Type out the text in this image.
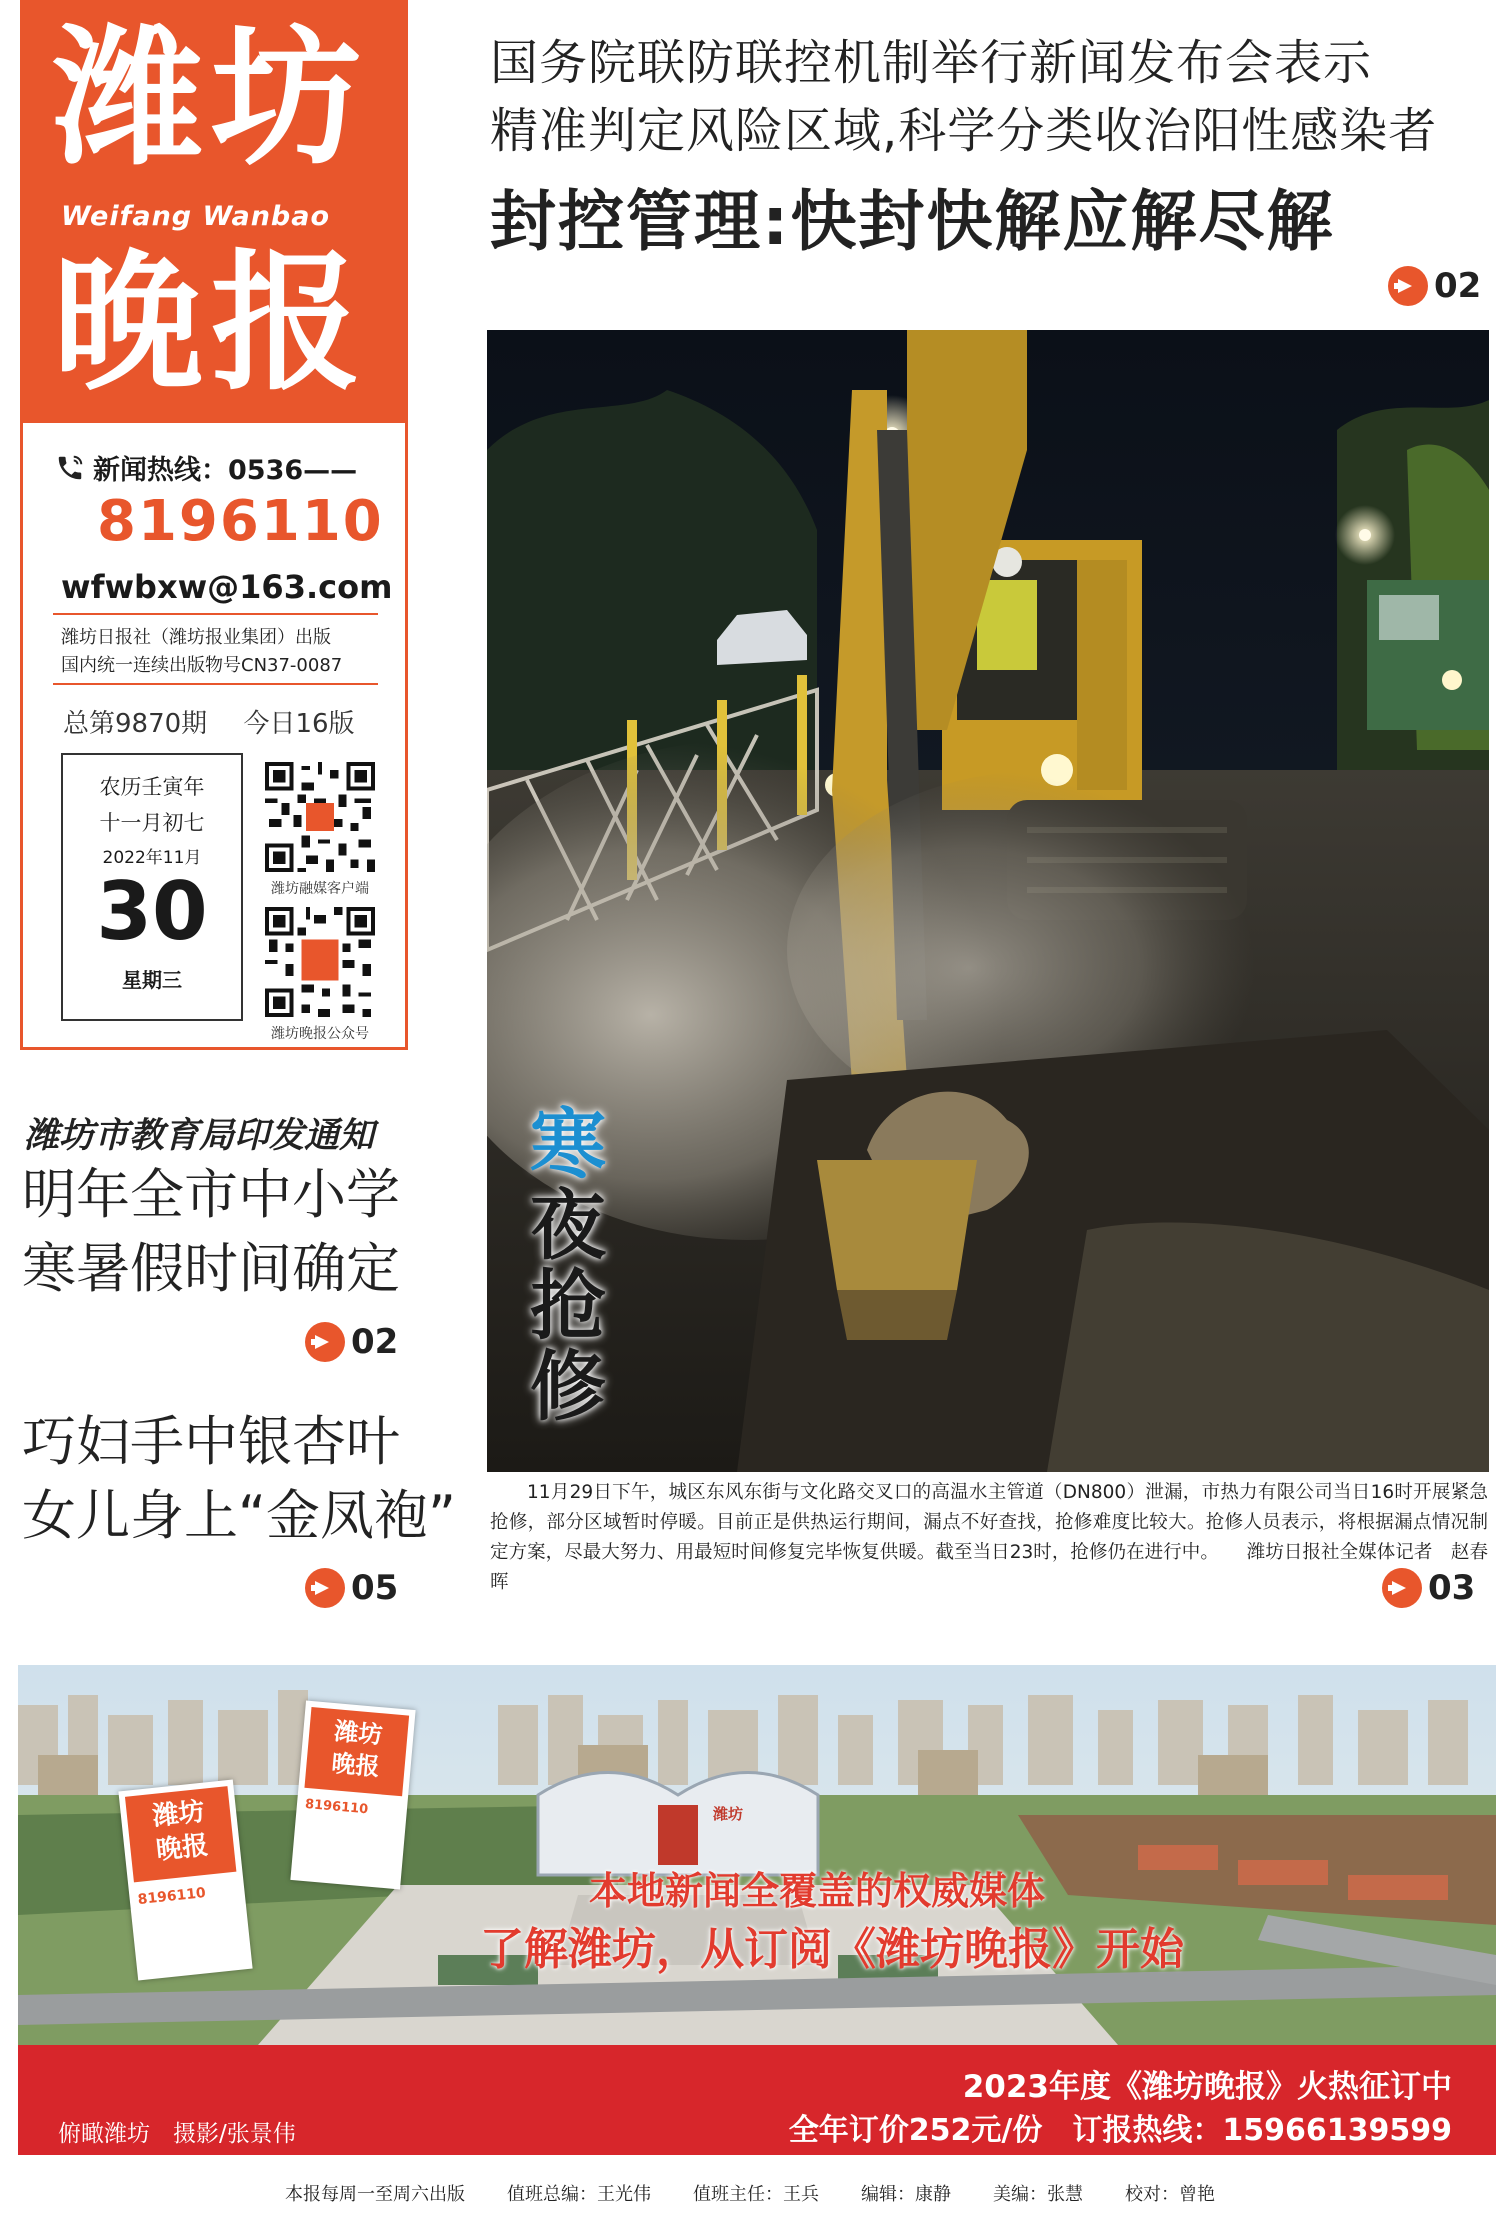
潍坊
Weifang Wanbao
晚报
新闻热线：0536——
8196110
wfwbxw@163.com
潍坊日报社（潍坊报业集团）出版
国内统一连续出版物号CN37-0087
总第9870期 今日16版
农历壬寅年
十一月初七
2022年11月
30
星期三
潍坊融媒客户端
潍坊晚报公众号
国务院联防联控机制举行新闻发布会表示
精准判定风险区域,科学分类收治阳性感染者
封控管理:快封快解应解尽解
02
寒
夜
抢
修
11月29日下午，城区东风东街与文化路交叉口的高温水主管道（DN800）泄漏，市热力有限公司当日16时开展紧急抢修，部分区域暂时停暖。目前正是供热运行期间，漏点不好查找，抢修难度比较大。抢修人员表示，将根据漏点情况制定方案，尽最大努力、用最短时间修复完毕恢复供暖。截至当日23时，抢修仍在进行中。　　潍坊日报社全媒体记者　赵春晖	03
潍坊市教育局印发通知
明年全市中小学
寒暑假时间确定
02
巧妇手中银杏叶
女儿身上“金凤袍”
05
潍坊
晚报
8196110
潍坊
晚报
8196110	潍坊
本地新闻全覆盖的权威媒体
了解潍坊，从订阅《潍坊晚报》开始
2023年度《潍坊晚报》火热征订中
全年订价252元/份　订报热线：15966139599
俯瞰潍坊　摄影/张景伟
本报每周一至周六出版 值班总编：王光伟 值班主任：王兵 编辑：康静 美编：张慧 校对：曾艳
